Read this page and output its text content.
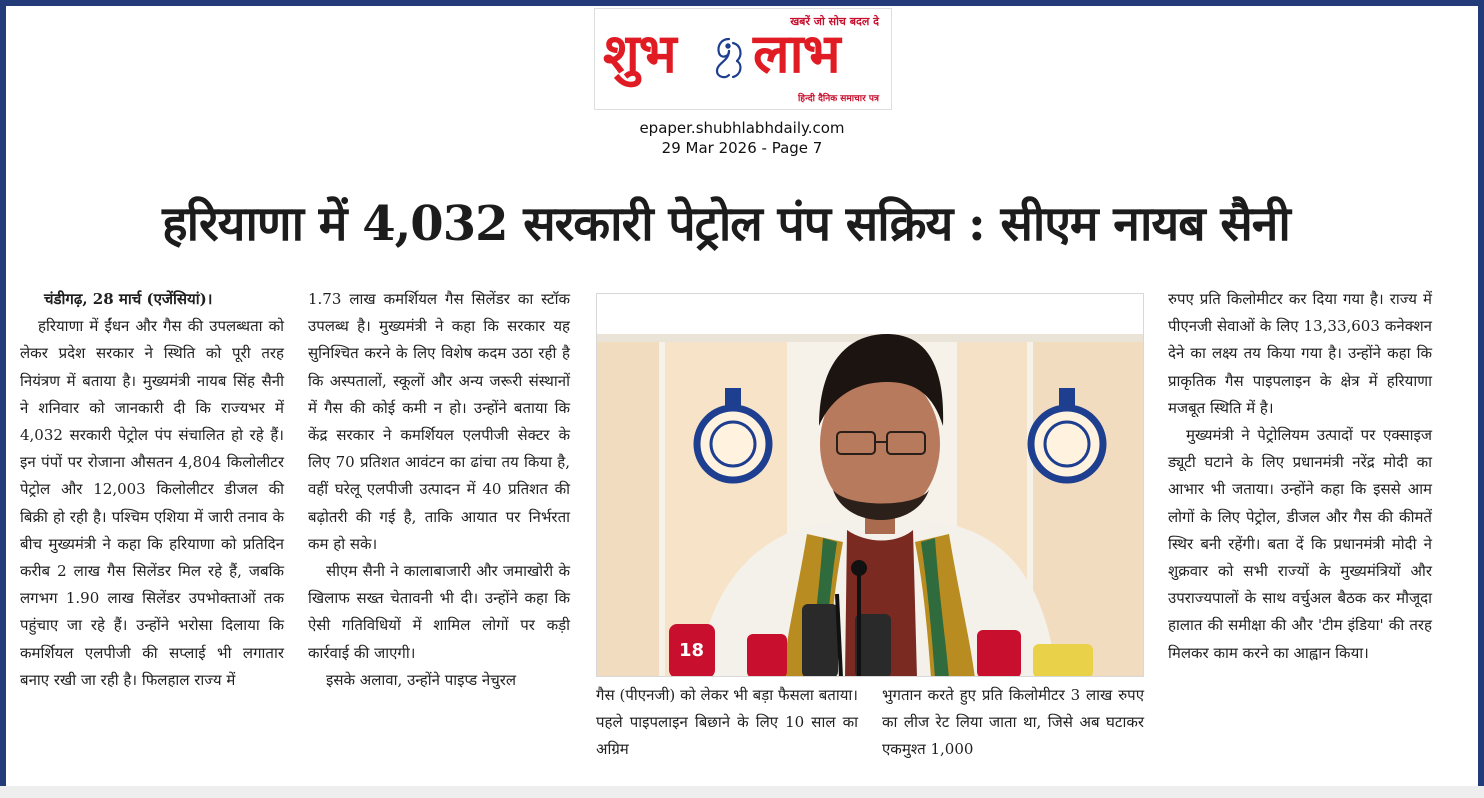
खबरें जो सोच बदल दे
शुभ लाभ
हिन्दी दैनिक समाचार पत्र
epaper.shubhlabhdaily.com
29 Mar 2026 - Page 7
हरियाणा में 4,032 सरकारी पेट्रोल पंप सक्रिय : सीएम नायब सैनी
चंडीगढ़, 28 मार्च (एजेंसियां)।

हरियाणा में ईंधन और गैस की उपलब्धता को लेकर प्रदेश सरकार ने स्थिति को पूरी तरह नियंत्रण में बताया है। मुख्यमंत्री नायब सिंह सैनी ने शनिवार को जानकारी दी कि राज्यभर में 4,032 सरकारी पेट्रोल पंप संचालित हो रहे हैं। इन पंपों पर रोजाना औसतन 4,804 किलोलीटर पेट्रोल और 12,003 किलोलीटर डीजल की बिक्री हो रही है। पश्चिम एशिया में जारी तनाव के बीच मुख्यमंत्री ने कहा कि हरियाणा को प्रतिदिन करीब 2 लाख गैस सिलेंडर मिल रहे हैं, जबकि लगभग 1.90 लाख सिलेंडर उपभोक्ताओं तक पहुंचाए जा रहे हैं। उन्होंने भरोसा दिलाया कि कमर्शियल एलपीजी की सप्लाई भी लगातार बनाए रखी जा रही है। फिलहाल राज्य में

1.73 लाख कमर्शियल गैस सिलेंडर का स्टॉक उपलब्ध है। मुख्यमंत्री ने कहा कि सरकार यह सुनिश्चित करने के लिए विशेष कदम उठा रही है कि अस्पतालों, स्कूलों और अन्य जरूरी संस्थानों में गैस की कोई कमी न हो। उन्होंने बताया कि केंद्र सरकार ने कमर्शियल एलपीजी सेक्टर के लिए 70 प्रतिशत आवंटन का ढांचा तय किया है, वहीं घरेलू एलपीजी उत्पादन में 40 प्रतिशत की बढ़ोतरी की गई है, ताकि आयात पर निर्भरता कम हो सके।

सीएम सैनी ने कालाबाजारी और जमाखोरी के खिलाफ सख्त चेतावनी भी दी। उन्होंने कहा कि ऐसी गतिविधियों में शामिल लोगों पर कड़ी कार्रवाई की जाएगी।

इसके अलावा, उन्होंने पाइप्ड नेचुरल

18

गैस (पीएनजी) को लेकर भी बड़ा फैसला बताया। पहले पाइपलाइन बिछाने के लिए 10 साल का अग्रिम

भुगतान करते हुए प्रति किलोमीटर 3 लाख रुपए का लीज रेट लिया जाता था, जिसे अब घटाकर एकमुश्त 1,000

रुपए प्रति किलोमीटर कर दिया गया है। राज्य में पीएनजी सेवाओं के लिए 13,33,603 कनेक्शन देने का लक्ष्य तय किया गया है। उन्होंने कहा कि प्राकृतिक गैस पाइपलाइन के क्षेत्र में हरियाणा मजबूत स्थिति में है।

मुख्यमंत्री ने पेट्रोलियम उत्पादों पर एक्साइज ड्यूटी घटाने के लिए प्रधानमंत्री नरेंद्र मोदी का आभार भी जताया। उन्होंने कहा कि इससे आम लोगों के लिए पेट्रोल, डीजल और गैस की कीमतें स्थिर बनी रहेंगी। बता दें कि प्रधानमंत्री मोदी ने शुक्रवार को सभी राज्यों के मुख्यमंत्रियों और उपराज्यपालों के साथ वर्चुअल बैठक कर मौजूदा हालात की समीक्षा की और 'टीम इंडिया' की तरह मिलकर काम करने का आह्वान किया।
